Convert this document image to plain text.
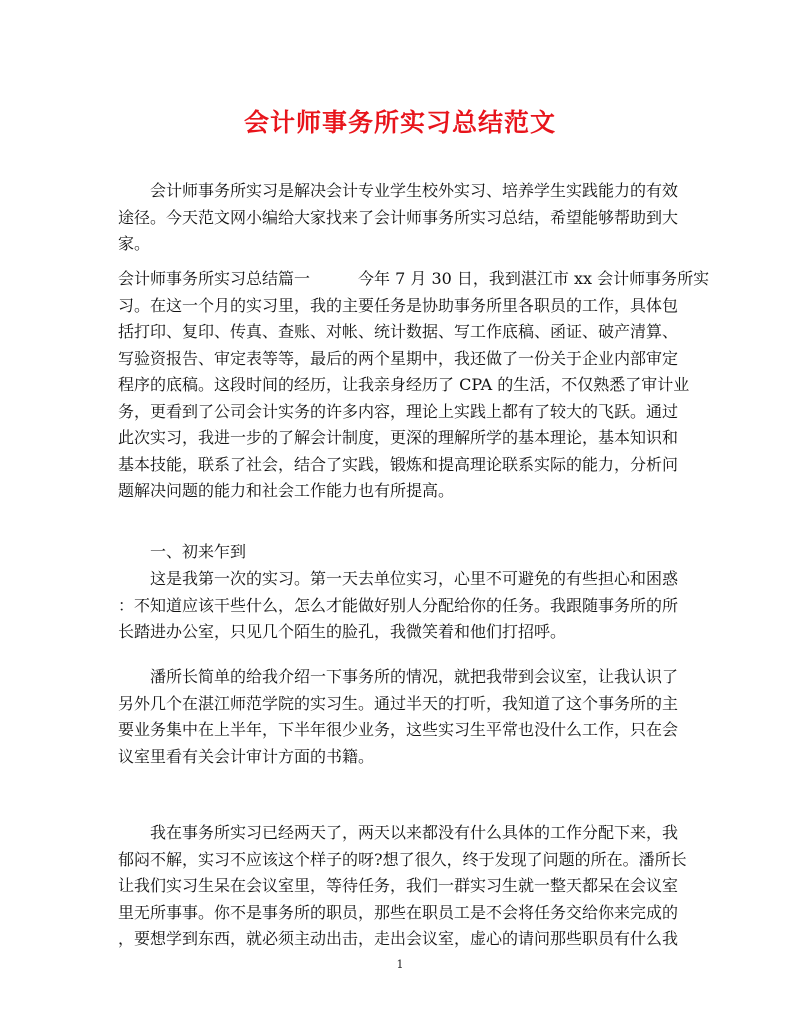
会计师事务所实习总结范文
　　会计师事务所实习是解决会计专业学生校外实习、培养学生实践能力的有效
途径。今天范文网小编给大家找来了会计师事务所实习总结，希望能够帮助到大
家。
会计师事务所实习总结篇一　　　今年 7 月 30 日，我到湛江市 xx 会计师事务所实
习。在这一个月的实习里，我的主要任务是协助事务所里各职员的工作，具体包
括打印、复印、传真、查账、对帐、统计数据、写工作底稿、函证、破产清算、
写验资报告、审定表等等，最后的两个星期中，我还做了一份关于企业内部审定
程序的底稿。这段时间的经历，让我亲身经历了 CPA 的生活，不仅熟悉了审计业
务，更看到了公司会计实务的许多内容，理论上实践上都有了较大的飞跃。通过
此次实习，我进一步的了解会计制度，更深的理解所学的基本理论，基本知识和
基本技能，联系了社会，结合了实践，锻炼和提高理论联系实际的能力，分析问
题解决问题的能力和社会工作能力也有所提高。
　　一、初来乍到
　　这是我第一次的实习。第一天去单位实习，心里不可避免的有些担心和困惑
：不知道应该干些什么，怎么才能做好别人分配给你的任务。我跟随事务所的所
长踏进办公室，只见几个陌生的脸孔，我微笑着和他们打招呼。
　　潘所长简单的给我介绍一下事务所的情况，就把我带到会议室，让我认识了
另外几个在湛江师范学院的实习生。通过半天的打听，我知道了这个事务所的主
要业务集中在上半年，下半年很少业务，这些实习生平常也没什么工作，只在会
议室里看有关会计审计方面的书籍。
　　我在事务所实习已经两天了，两天以来都没有什么具体的工作分配下来，我
郁闷不解，实习不应该这个样子的呀?想了很久，终于发现了问题的所在。潘所长
让我们实习生呆在会议室里，等待任务，我们一群实习生就一整天都呆在会议室
里无所事事。你不是事务所的职员，那些在职员工是不会将任务交给你来完成的
，要想学到东西，就必须主动出击，走出会议室，虚心的请问那些职员有什么我
1
